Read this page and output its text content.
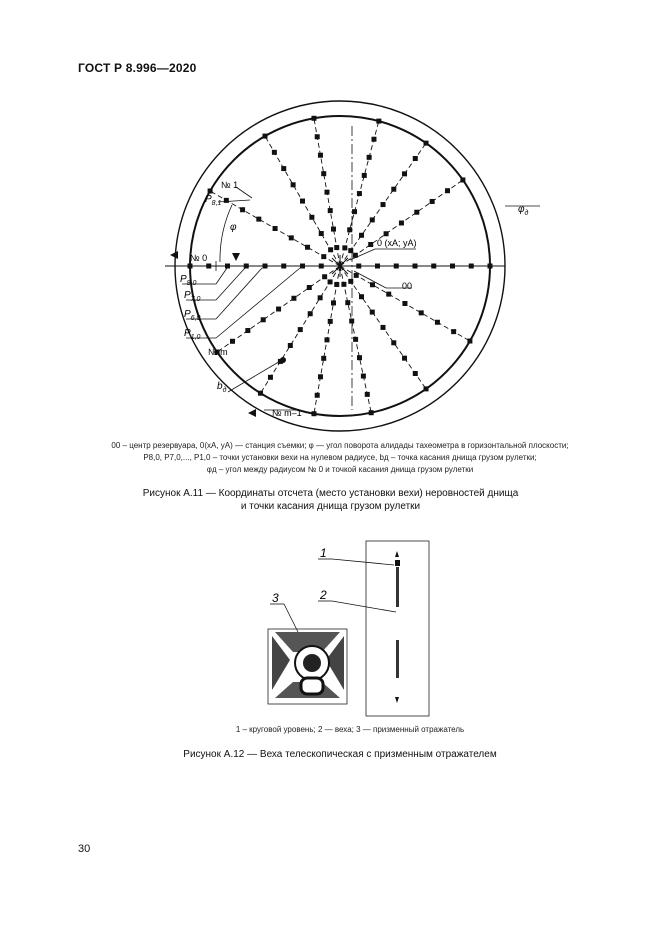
ГОСТ Р 8.996—2020
№ 1
$P_{8,1}$
φ
№ 0
$P_{8,0}$
$P_{7,0}$
$P_{6,0}$
$P_{1,0}$
№ m
$b_д$
№ m–1
0 (xА; yА)
00
$\varphi_д$
00 – центр резервуара, 0(xА, yА) — станция съемки; φ — угол поворота алидады тахеометра в горизонтальной плоскости;
P8,0, P7,0,..., P1,0 – точки установки вехи на нулевом радиусе, bд – точка касания днища грузом рулетки;
φд – угол между радиусом № 0 и точкой касания днища грузом рулетки
Рисунок А.11 — Координаты отсчета (место установки вехи) неровностей днища
и точки касания днища грузом рулетки
1
2
3
1 – круговой уровень; 2 — веха; 3 — призменный отражатель
Рисунок А.12 — Веха телескопическая с призменным отражателем
30
